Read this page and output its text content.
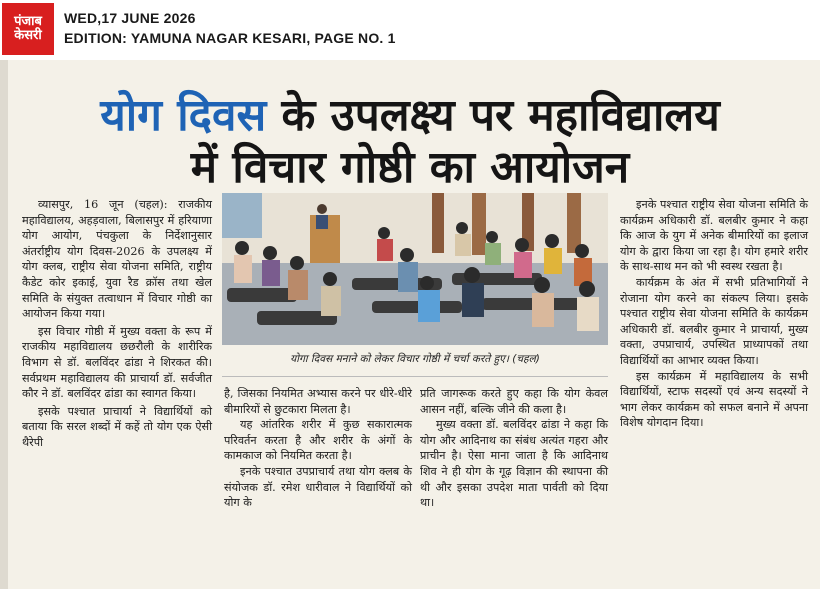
पंजाब
केसरी
WED,17 JUNE 2026
EDITION: YAMUNA NAGAR KESARI, PAGE NO. 1
योग दिवस के उपलक्ष्य पर महाविद्यालय
में विचार गोष्ठी का आयोजन

व्यासपुर, 16 जून (चहल): राजकीय महाविद्यालय, अहड़वाला, बिलासपुर में हरियाणा योग आयोग, पंचकुला के निर्देशानुसार अंतर्राष्ट्रीय योग दिवस-2026 के उपलक्ष्य में योग क्लब, राष्ट्रीय सेवा योजना समिति, राष्ट्रीय कैडेट कोर इकाई, युवा रैड क्रॉस तथा खेल समिति के संयुक्त तत्वाधान में विचार गोष्ठी का आयोजन किया गया।

इस विचार गोष्ठी में मुख्य वक्ता के रूप में राजकीय महाविद्यालय छछरौली के शारीरिक विभाग से डॉ. बलविंदर ढांडा ने शिरकत की। सर्वप्रथम महाविद्यालय की प्राचार्या डॉ. सर्वजीत कौर ने डॉ. बलविंदर ढांडा का स्वागत किया।

इसके पश्चात प्राचार्या ने विद्यार्थियों को बताया कि सरल शब्दों में कहें तो योग एक ऐसी थैरेपी

योगा दिवस मनाने को लेकर विचार गोष्ठी में चर्चा करते हुए। (चहल)

है, जिसका नियमित अभ्यास करने पर धीरे-धीरे बीमारियों से छुटकारा मिलता है।

यह आंतरिक शरीर में कुछ सकारात्मक परिवर्तन करता है और शरीर के अंगों के कामकाज को नियमित करता है।

इनके पश्चात उपप्राचार्य तथा योग क्लब के संयोजक डॉ. रमेश धारीवाल ने विद्यार्थियों को योग के

प्रति जागरूक करते हुए कहा कि योग केवल आसन नहीं, बल्कि जीने की कला है।

मुख्य वक्ता डॉ. बलविंदर ढांडा ने कहा कि योग और आदिनाथ का संबंध अत्यंत गहरा और प्राचीन है। ऐसा माना जाता है कि आदिनाथ शिव ने ही योग के गूढ़ विज्ञान की स्थापना की थी और इसका उपदेश माता पार्वती को दिया था।

इनके पश्चात राष्ट्रीय सेवा योजना समिति के कार्यक्रम अधिकारी डॉ. बलबीर कुमार ने कहा कि आज के युग में अनेक बीमारियों का इलाज योग के द्वारा किया जा रहा है। योग हमारे शरीर के साथ-साथ मन को भी स्वस्थ रखता है।

कार्यक्रम के अंत में सभी प्रतिभागियों ने रोजाना योग करने का संकल्प लिया। इसके पश्चात राष्ट्रीय सेवा योजना समिति के कार्यक्रम अधिकारी डॉ. बलबीर कुमार ने प्राचार्या, मुख्य वक्ता, उपप्राचार्य, उपस्थित प्राध्यापकों तथा विद्यार्थियों का आभार व्यक्त किया।

इस कार्यक्रम में महाविद्यालय के सभी विद्यार्थियों, स्टाफ सदस्यों एवं अन्य सदस्यों ने भाग लेकर कार्यक्रम को सफल बनाने में अपना विशेष योगदान दिया।
